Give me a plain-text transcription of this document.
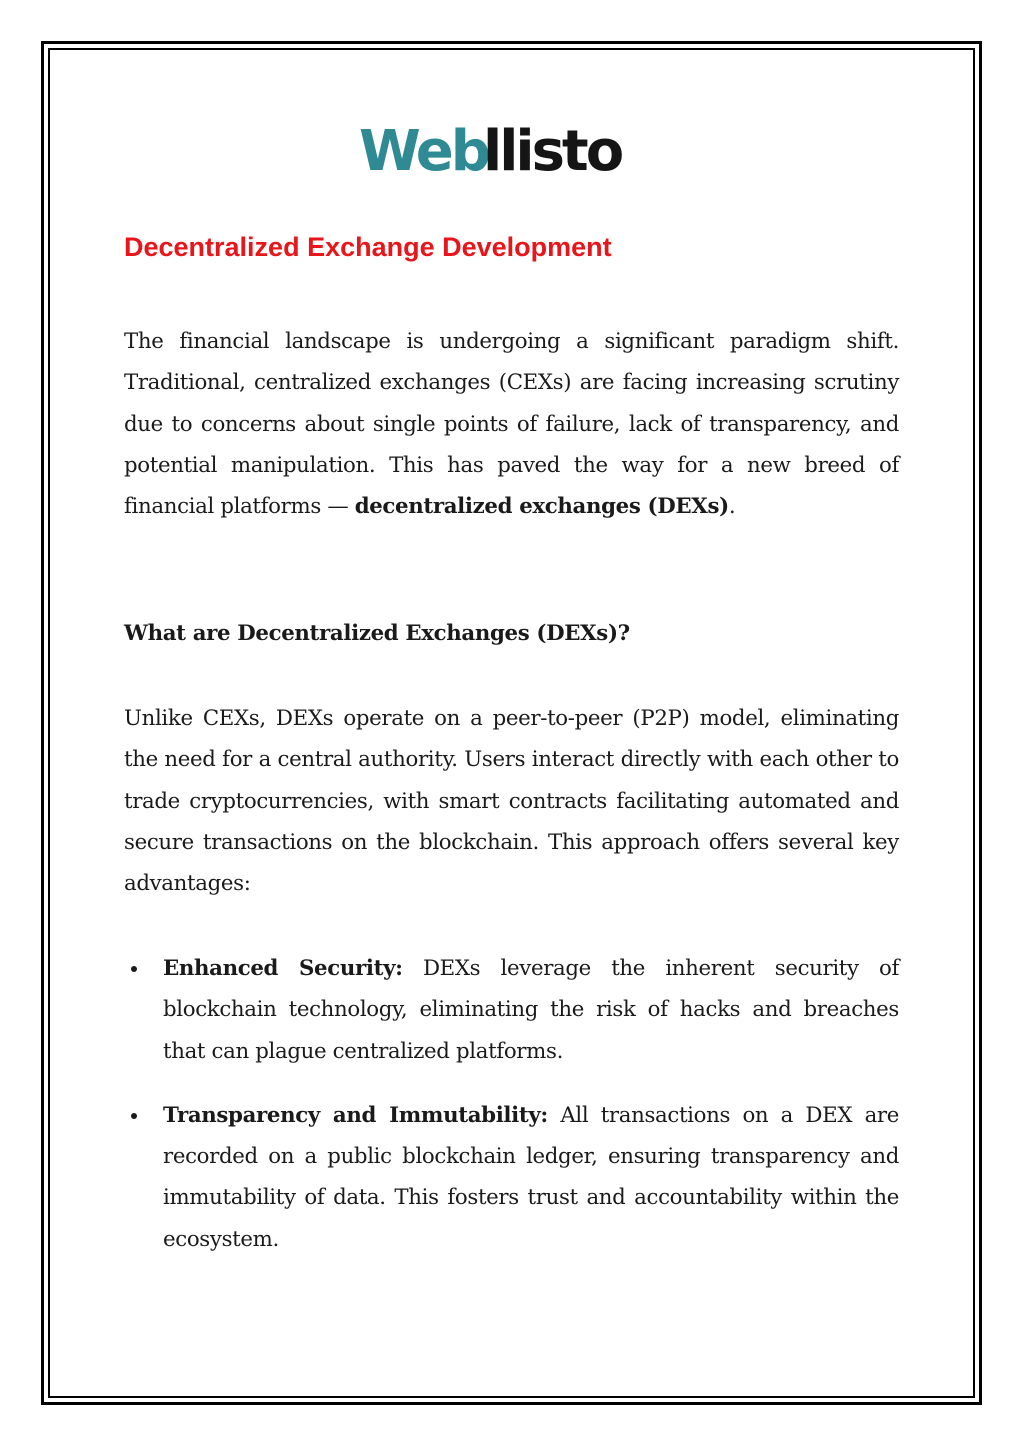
Web
llisto
Decentralized Exchange Development

The financial landscape is undergoing a significant paradigm shift. Traditional, centralized exchanges (CEXs) are facing increasing scrutiny due to concerns about single points of failure, lack of transparency, and potential manipulation. This has paved the way for a new breed of financial platforms — decentralized exchanges (DEXs).

What are Decentralized Exchanges (DEXs)?

Unlike CEXs, DEXs operate on a peer-to-peer (P2P) model, eliminating the need for a central authority. Users interact directly with each other to trade cryptocurrencies, with smart contracts facilitating automated and secure transactions on the blockchain. This approach offers several key advantages:

Enhanced Security: DEXs leverage the inherent security of blockchain technology, eliminating the risk of hacks and breaches that can plague centralized platforms.
Transparency and Immutability: All transactions on a DEX are recorded on a public blockchain ledger, ensuring transparency and immutability of data. This fosters trust and accountability within the ecosystem.
